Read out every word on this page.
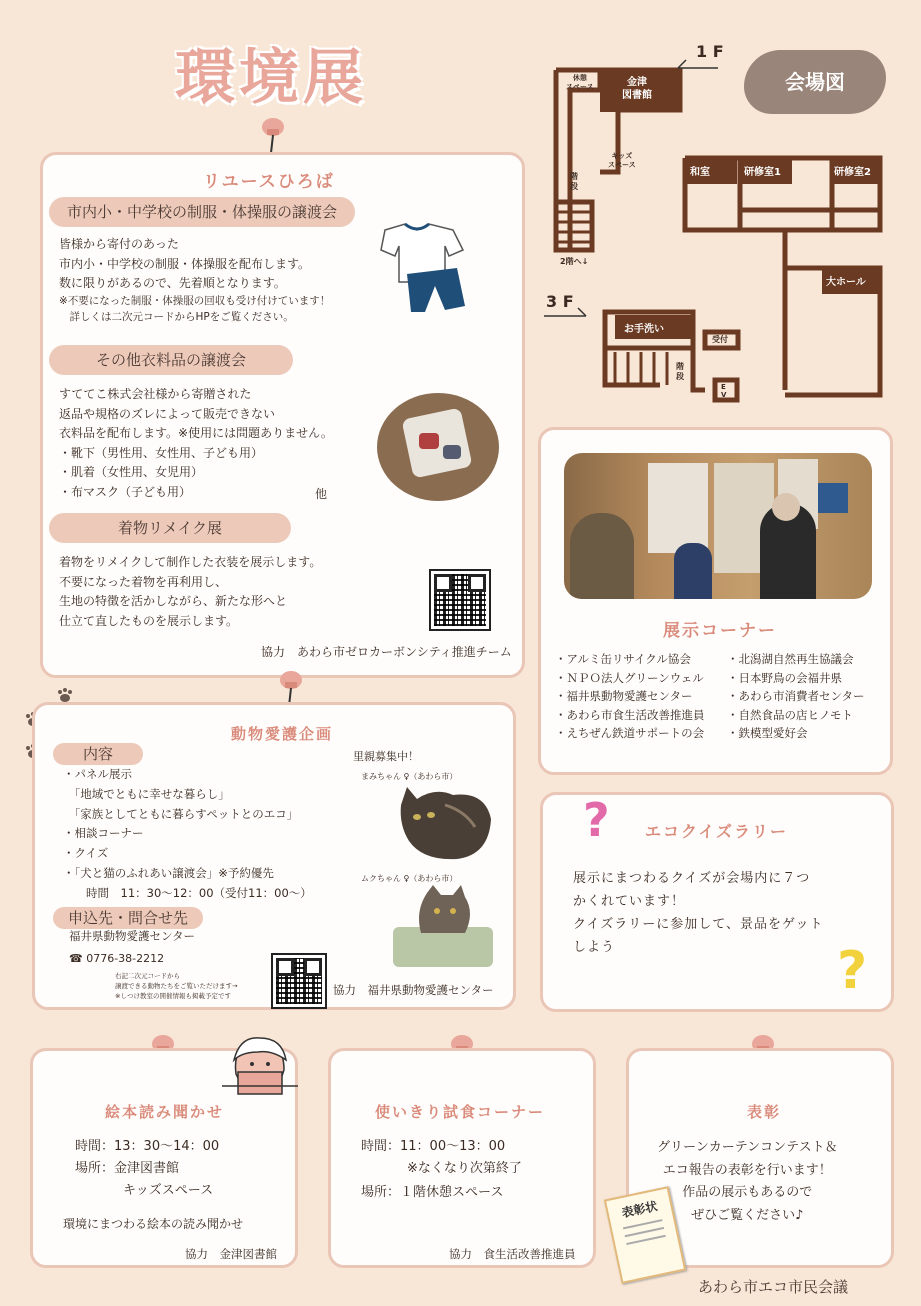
環境展
リユースひろば
市内小・中学校の制服・体操服の譲渡会
皆様から寄付のあった
市内小・中学校の制服・体操服を配布します。
数に限りがあるので、先着順となります。
※不要になった制服・体操服の回収も受け付けています！
　詳しくは二次元コードからHPをご覧ください。
その他衣料品の譲渡会
すててこ株式会社様から寄贈された
返品や規格のズレによって販売できない
衣料品を配布します。※使用には問題ありません。
・靴下（男性用、女性用、子ども用）
・肌着（女性用、女児用）
・布マスク（子ども用）	他
着物リメイク展
着物をリメイクして制作した衣装を展示します。
不要になった着物を再利用し、
生地の特徴を活かしながら、新たな形へと
仕立て直したものを展示します。
協力　あわら市ゼロカーボンシティ推進チーム
会場図
1 F
3 F
休憩
スペース	金津
図書館
キッズ
スペース
階
段
2階へ↓
和室	研修室1	研修室2
大ホール
お手洗い
受付
階
段
E
V
展示コーナー
・アルミ缶リサイクル協会
・ＮＰＯ法人グリーンウェル
・福井県動物愛護センター
・あわら市食生活改善推進員
・えちぜん鉄道サポートの会
・北潟湖自然再生協議会
・日本野鳥の会福井県
・あわら市消費者センター
・自然食品の店ヒノモト
・鉄模型愛好会
動物愛護企画
内容
・パネル展示
　「地域でともに幸せな暮らし」
　「家族としてともに暮らすペットとのエコ」
・相談コーナー
・クイズ
・「犬と猫のふれあい譲渡会」※予約優先
　　時間　11：30〜12：00（受付11：00〜）
里親募集中！
まみちゃん ♀（あわら市）
ムクちゃん ♀（あわら市）
申込先・問合せ先
福井県動物愛護センター
☎ 0776-38-2212
右記二次元コードから
譲渡できる動物たちをご覧いただけます→
※しつけ教室の開催情報も掲載予定です	協力　福井県動物愛護センター
? エコクイズラリー
展示にまつわるクイズが会場内に７つ
かくれています！
クイズラリーに参加して、景品をゲット
しよう	?
絵本読み聞かせ
時間：13：30〜14：00
場所：金津図書館
キッズスペース
環境にまつわる絵本の読み聞かせ
協力　金津図書館
使いきり試食コーナー
時間：11：00〜13：00
※なくなり次第終了
場所：１階休憩スペース
協力　食生活改善推進員
表彰
グリーンカーテンコンテスト＆
エコ報告の表彰を行います！
作品の展示もあるので
ぜひご覧ください♪
表彰状
あわら市エコ市民会議
